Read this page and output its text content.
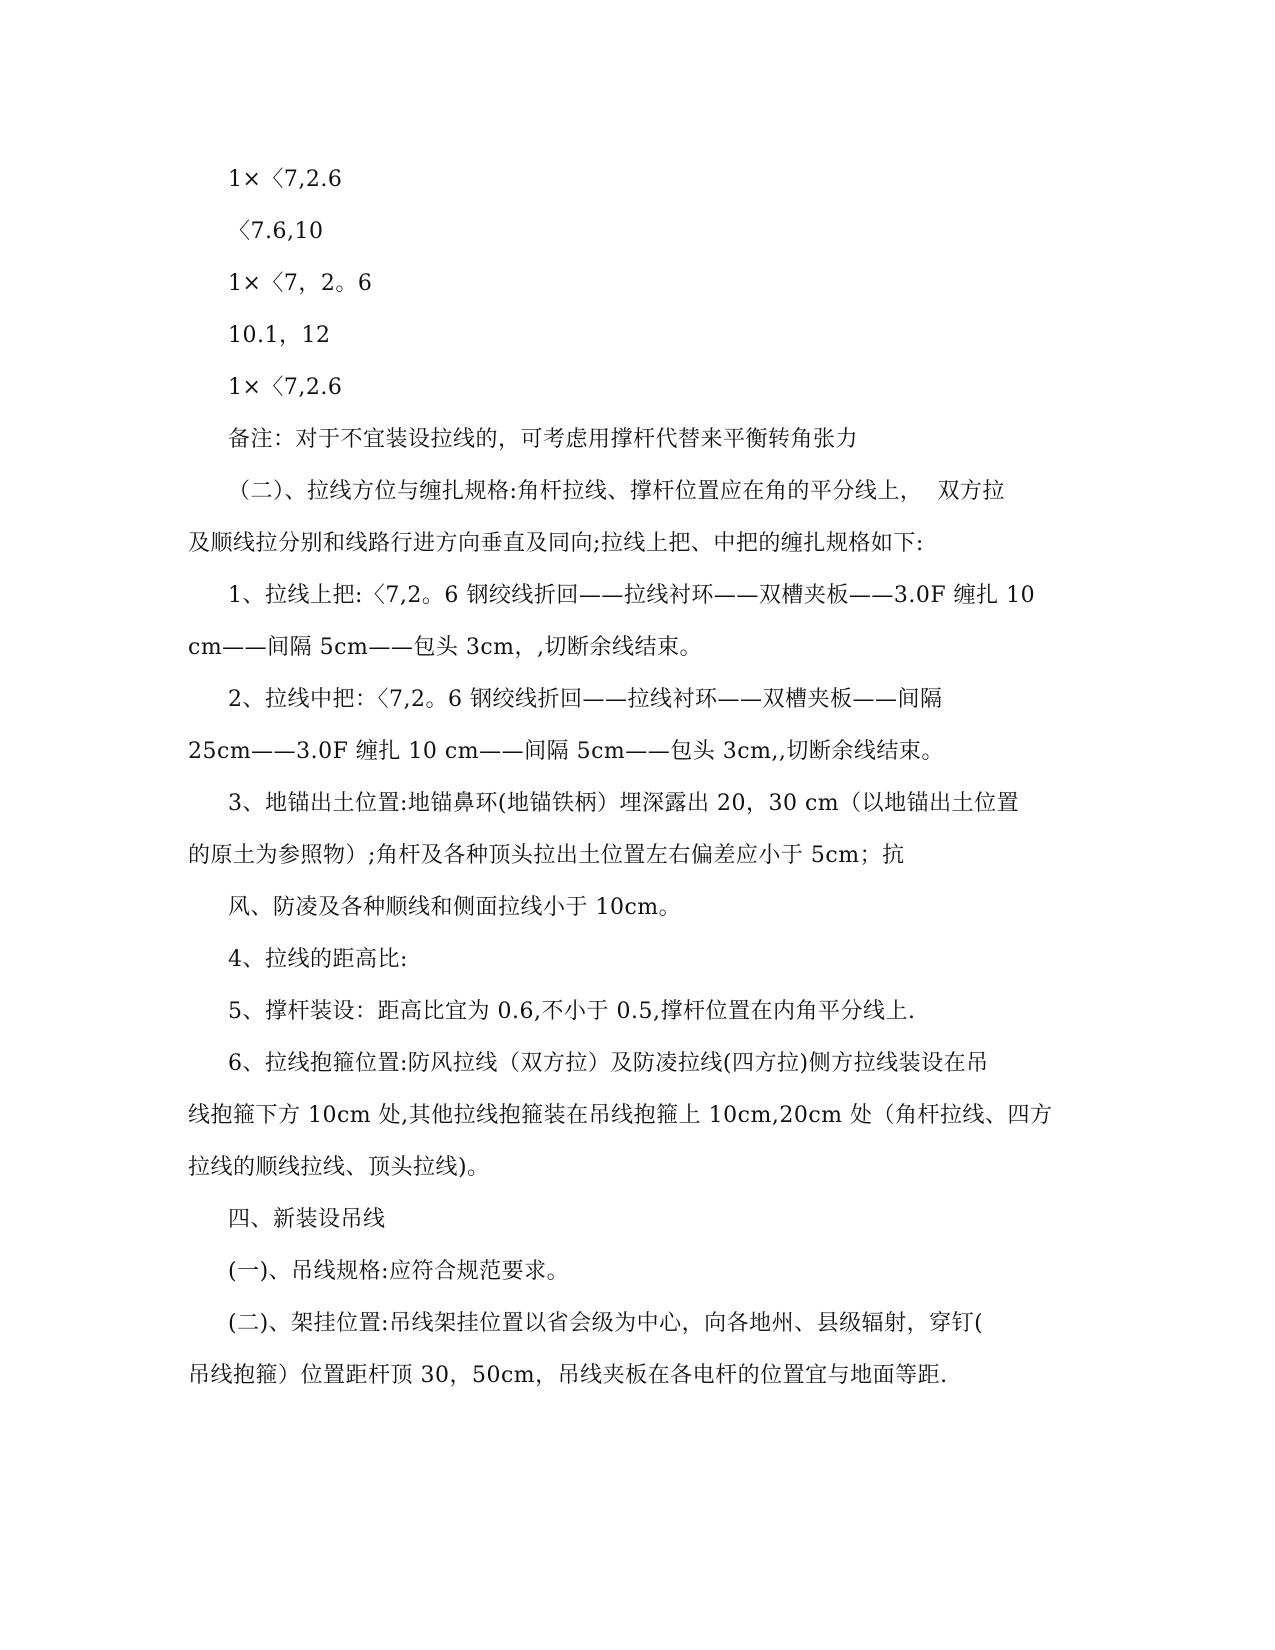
1×〈7,2.6
〈7.6,10
1×〈7，2。6
10.1，12
1×〈7,2.6
备注：对于不宜装设拉线的，可考虑用撑杆代替来平衡转角张力
（二）、拉线方位与缠扎规格:角杆拉线、撑杆位置应在角的平分线上，  双方拉
及顺线拉分别和线路行进方向垂直及同向;拉线上把、中把的缠扎规格如下:
1、拉线上把:〈7,2。6 钢绞线折回——拉线衬环——双槽夹板——3.0F 缠扎 10
cm——间隔 5cm——包头 3cm，,切断余线结束。
2、拉线中把：〈7,2。6 钢绞线折回——拉线衬环——双槽夹板——间隔
25cm——3.0F 缠扎 10 cm——间隔 5cm——包头 3cm,,切断余线结束。
3、地锚出土位置:地锚鼻环(地锚铁柄）埋深露出 20，30 cm（以地锚出土位置
的原土为参照物）;角杆及各种顶头拉出土位置左右偏差应小于 5cm；抗
风、防凌及各种顺线和侧面拉线小于 10cm。
4、拉线的距高比:
5、撑杆装设：距高比宜为 0.6,不小于 0.5,撑杆位置在内角平分线上.
6、拉线抱箍位置:防风拉线（双方拉）及防凌拉线(四方拉)侧方拉线装设在吊
线抱箍下方 10cm 处,其他拉线抱箍装在吊线抱箍上 10cm,20cm 处（角杆拉线、四方
拉线的顺线拉线、顶头拉线)。
四、新装设吊线
(一)、吊线规格:应符合规范要求。
(二)、架挂位置:吊线架挂位置以省会级为中心，向各地州、县级辐射，穿钉(
吊线抱箍）位置距杆顶 30，50cm，吊线夹板在各电杆的位置宜与地面等距.
